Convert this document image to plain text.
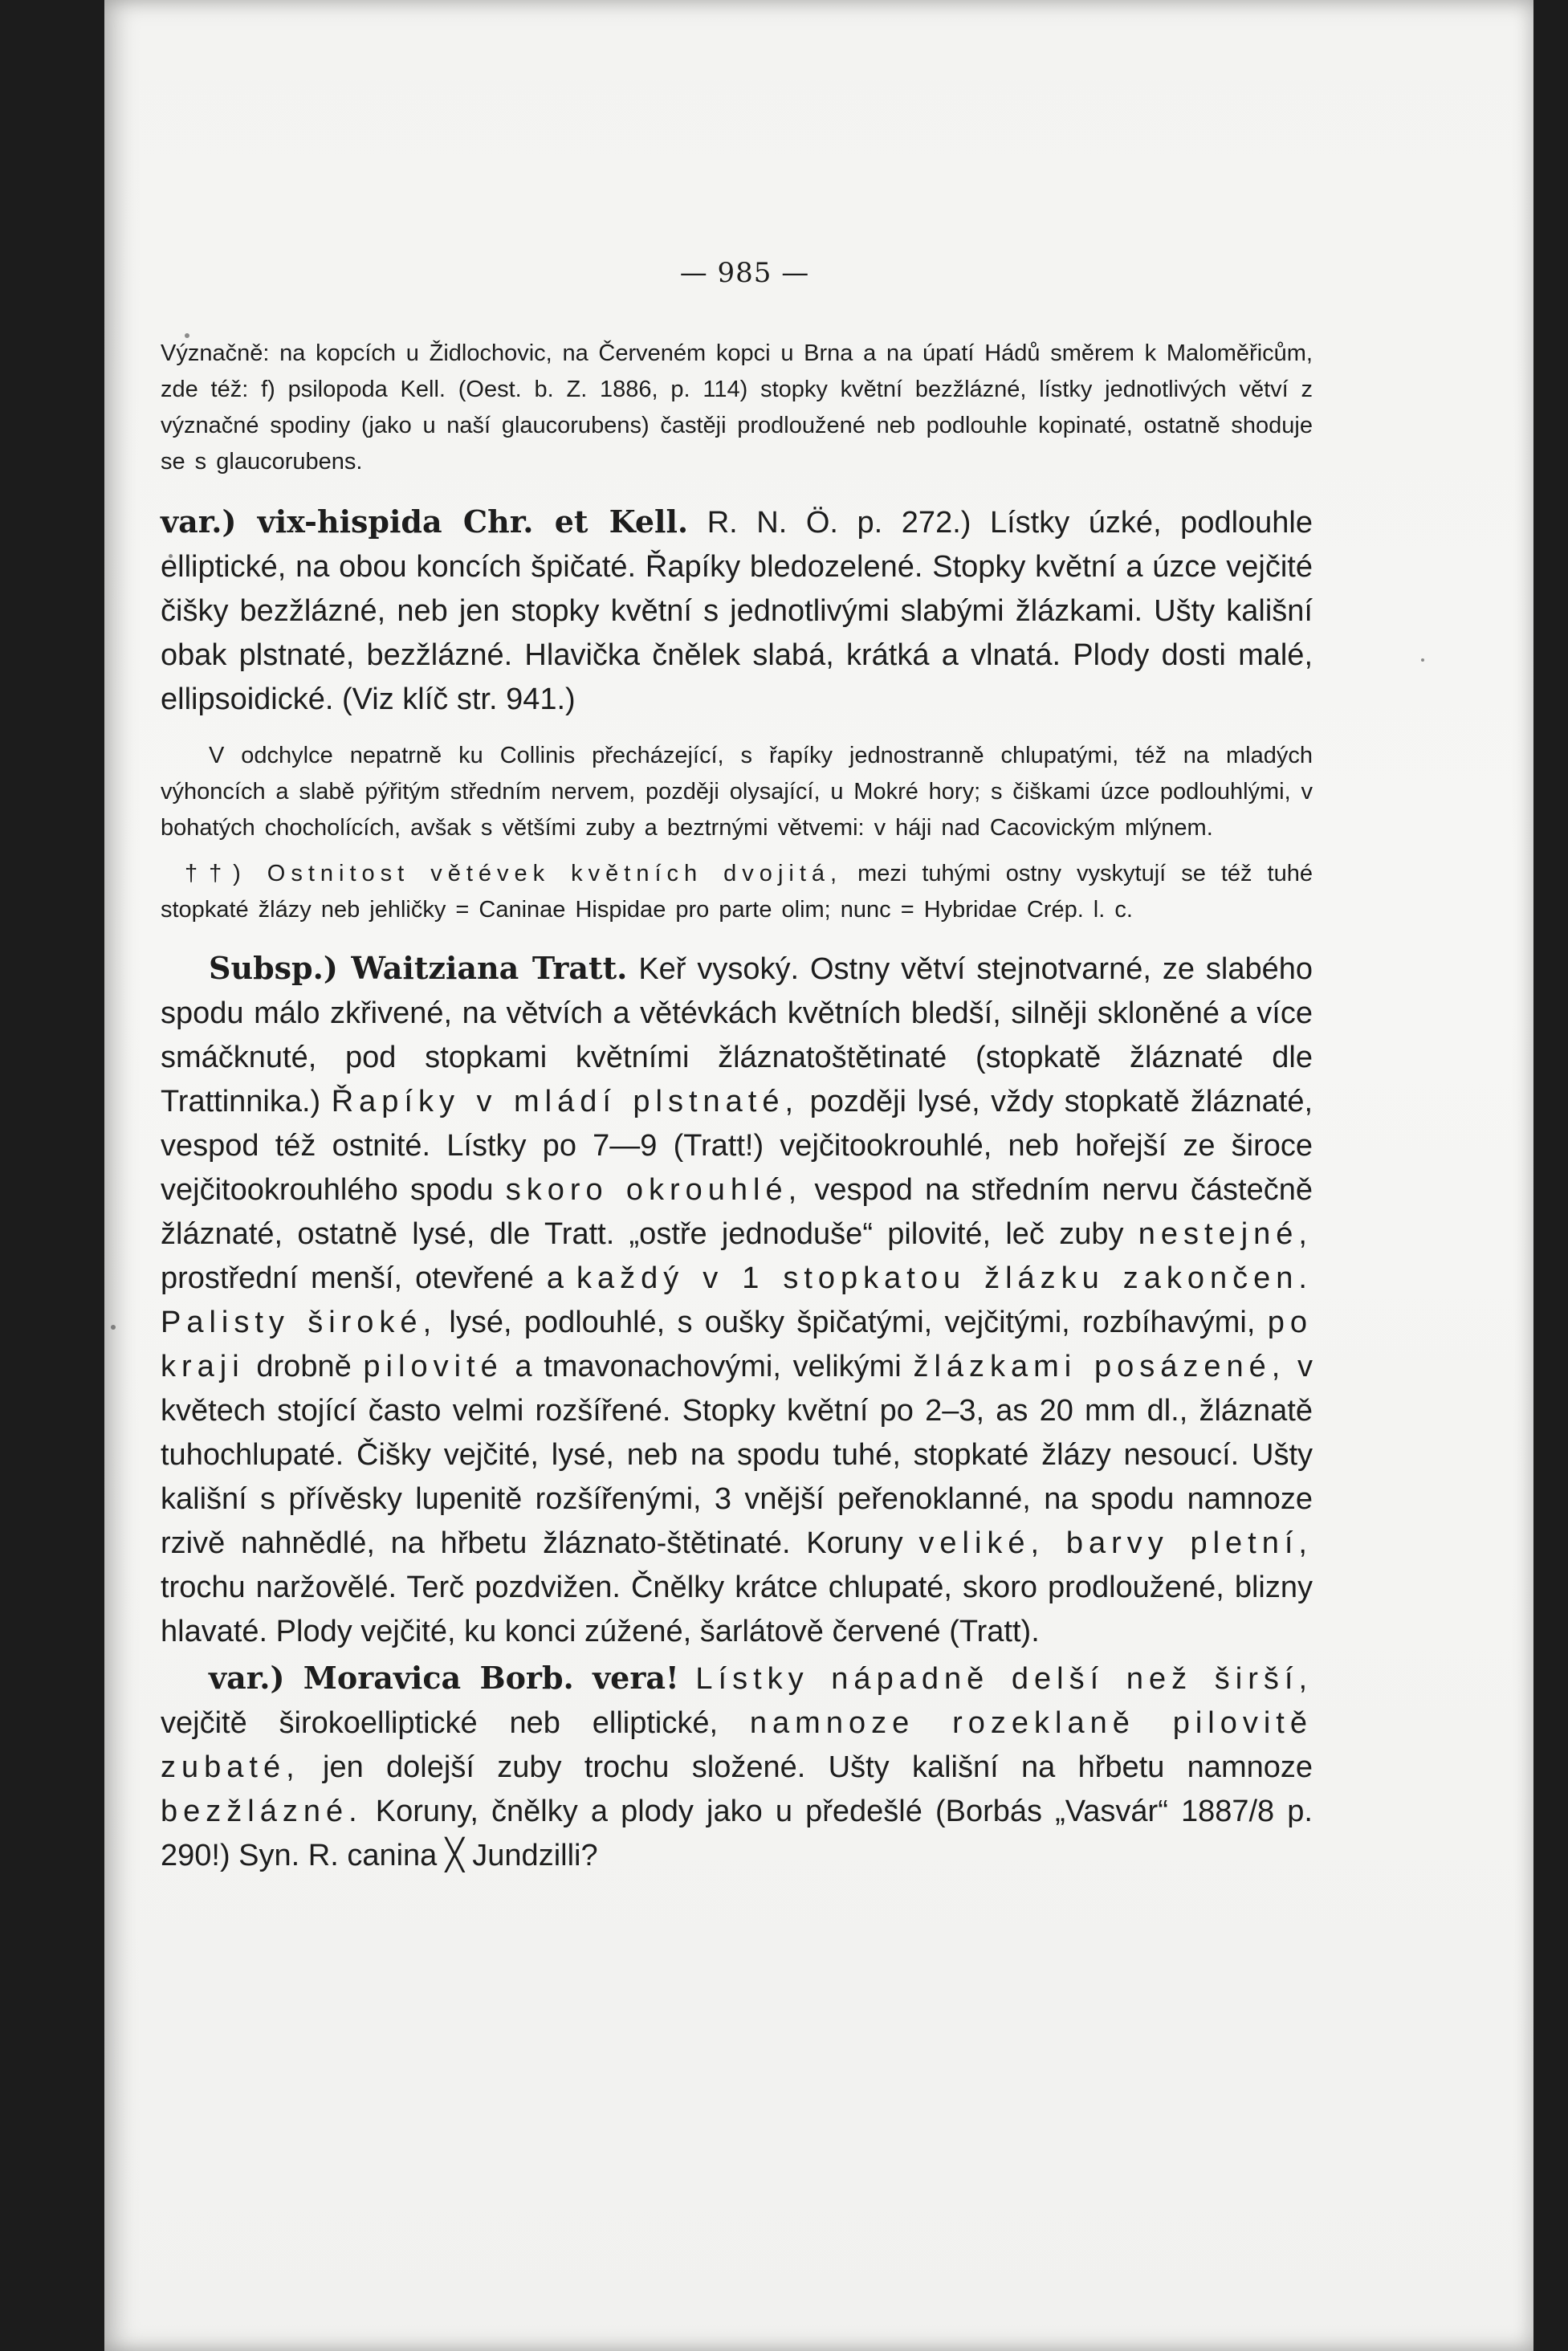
— 985 —

Význačně: na kopcích u Židlochovic, na Červeném kopci u Brna a na úpatí Hádů směrem k Maloměřicům, zde též: f) psilopoda Kell. (Oest. b. Z. 1886, p. 114) stopky květní bezžlázné, lístky jednotlivých větví z význačné spodiny (jako u naší glaucorubens) častěji prodloužené neb podlouhle kopinaté, ostatně shoduje se s glaucorubens.

var.) vix-hispida Chr. et Kell. R. N. Ö. p. 272.) Lístky úzké, podlouhle elliptické, na obou koncích špičaté. Řapíky bledozelené. Stopky květní a úzce vejčité čišky bezžlázné, neb jen stopky květní s jednotlivými slabými žlázkami. Ušty kališní obak plstnaté, bezžlázné. Hlavička čnělek slabá, krátká a vlnatá. Plody dosti malé, ellipsoidické. (Viz klíč str. 941.)

V odchylce nepatrně ku Collinis přecházející, s řapíky jednostranně chlupatými, též na mladých výhoncích a slabě pýřitým středním nervem, později olysající, u Mokré hory; s čiškami úzce podlouhlými, v bohatých chocholících, avšak s většími zuby a beztrnými větvemi: v háji nad Cacovickým mlýnem.

††) Ostnitost větévek květních dvojitá, mezi tuhými ostny vyskytují se též tuhé stopkaté žlázy neb jehličky = Caninae Hispidae pro parte olim; nunc = Hybridae Crép. l. c.

Subsp.) Waitziana Tratt. Keř vysoký. Ostny větví stejnotvarné, ze slabého spodu málo zkřivené, na větvích a větévkách květních bledší, silněji skloněné a více smáčknuté, pod stopkami květními žláznatoštětinaté (stopkatě žláznaté dle Trattinnika.) Řapíky v mládí plstnaté, později lysé, vždy stopkatě žláznaté, vespod též ostnité. Lístky po 7—9 (Tratt!) vejčitookrouhlé, neb hořejší ze široce vejčitookrouhlého spodu skoro okrouhlé, vespod na středním nervu částečně žláznaté, ostatně lysé, dle Tratt. „ostře jednoduše“ pilovité, leč zuby nestejné, prostřední menší, otevřené a každý v 1 stopkatou žlázku zakončen. Palisty široké, lysé, podlouhlé, s oušky špičatými, vejčitými, rozbíhavými, po kraji drobně pilovité a tmavonachovými, velikými žlázkami posázené, v květech stojící často velmi rozšířené. Stopky květní po 2–3, as 20 mm dl., žláznatě tuhochlupaté. Čišky vejčité, lysé, neb na spodu tuhé, stopkaté žlázy nesoucí. Ušty kališní s přívěsky lupenitě rozšířenými, 3 vnější peřenoklanné, na spodu namnoze rzivě nahnědlé, na hřbetu žláznato-štětinaté. Koruny veliké, barvy pletní, trochu naržovělé. Terč pozdvižen. Čnělky krátce chlupaté, skoro prodloužené, blizny hlavaté. Plody vejčité, ku konci zúžené, šarlátově červené (Tratt).

var.) Moravica Borb. vera! Lístky nápadně delší než širší, vejčitě širokoelliptické neb elliptické, namnoze rozeklaně pilovitě zubaté, jen dolejší zuby trochu složené. Ušty kališní na hřbetu namnoze bezžlázné. Koruny, čnělky a plody jako u předešlé (Borbás „Vasvár“ 1887/8 p. 290!) Syn. R. canina ╳ Jundzilli?
